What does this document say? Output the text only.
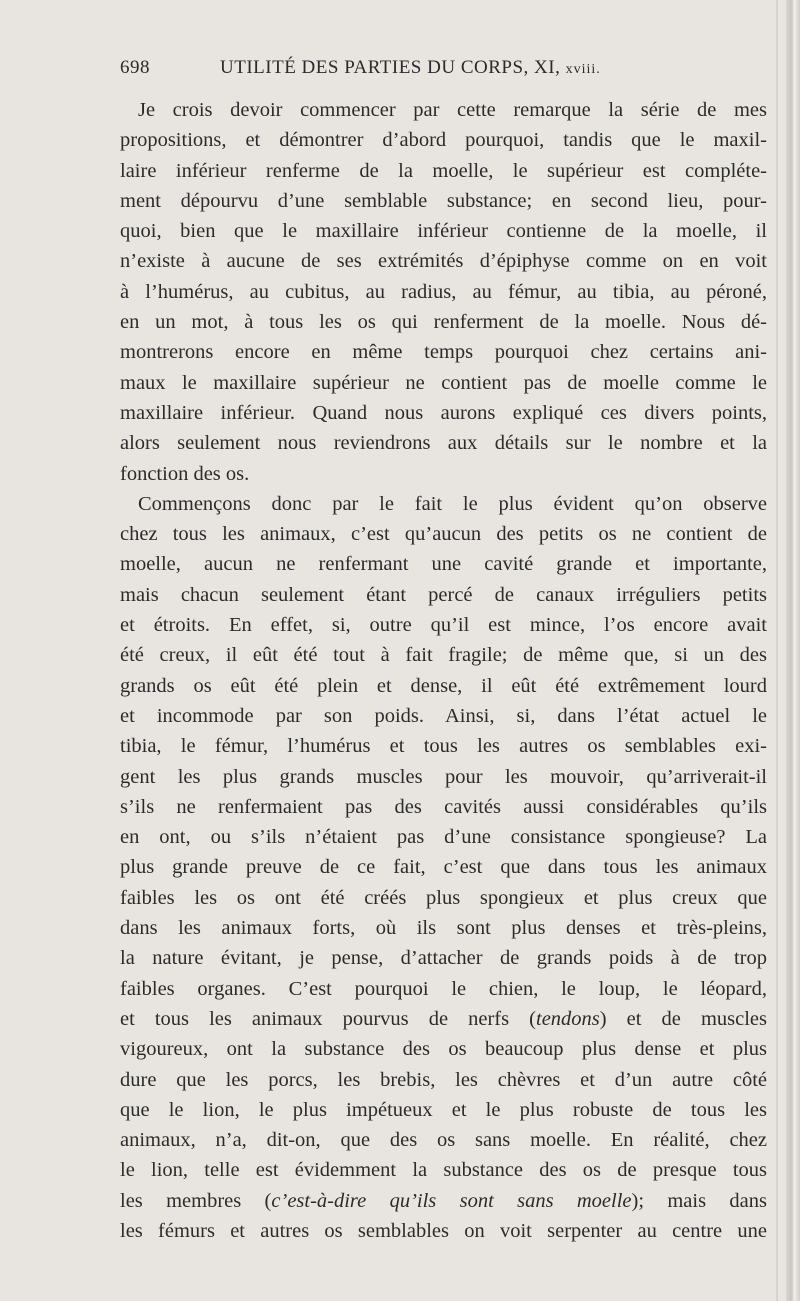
698	UTILITÉ DES PARTIES DU CORPS, XI, xviii.
Je crois devoir commencer par cette remarque la série de mes
propositions, et démontrer d’abord pourquoi, tandis que le maxil-
laire inférieur renferme de la moelle, le supérieur est compléte-
ment dépourvu d’une semblable substance; en second lieu, pour-
quoi, bien que le maxillaire inférieur contienne de la moelle, il
n’existe à aucune de ses extrémités d’épiphyse comme on en voit
à l’humérus, au cubitus, au radius, au fémur, au tibia, au péroné,
en un mot, à tous les os qui renferment de la moelle. Nous dé-
montrerons encore en même temps pourquoi chez certains ani-
maux le maxillaire supérieur ne contient pas de moelle comme le
maxillaire inférieur. Quand nous aurons expliqué ces divers points,
alors seulement nous reviendrons aux détails sur le nombre et la
fonction des os.
Commençons donc par le fait le plus évident qu’on observe
chez tous les animaux, c’est qu’aucun des petits os ne contient de
moelle, aucun ne renfermant une cavité grande et importante,
mais chacun seulement étant percé de canaux irréguliers petits
et étroits. En effet, si, outre qu’il est mince, l’os encore avait
été creux, il eût été tout à fait fragile; de même que, si un des
grands os eût été plein et dense, il eût été extrêmement lourd
et incommode par son poids. Ainsi, si, dans l’état actuel le
tibia, le fémur, l’humérus et tous les autres os semblables exi-
gent les plus grands muscles pour les mouvoir, qu’arriverait-il
s’ils ne renfermaient pas des cavités aussi considérables qu’ils
en ont, ou s’ils n’étaient pas d’une consistance spongieuse? La
plus grande preuve de ce fait, c’est que dans tous les animaux
faibles les os ont été créés plus spongieux et plus creux que
dans les animaux forts, où ils sont plus denses et très-pleins,
la nature évitant, je pense, d’attacher de grands poids à de trop
faibles organes. C’est pourquoi le chien, le loup, le léopard,
et tous les animaux pourvus de nerfs (tendons) et de muscles
vigoureux, ont la substance des os beaucoup plus dense et plus
dure que les porcs, les brebis, les chèvres et d’un autre côté
que le lion, le plus impétueux et le plus robuste de tous les
animaux, n’a, dit-on, que des os sans moelle. En réalité, chez
le lion, telle est évidemment la substance des os de presque tous
les membres (c’est-à-dire qu’ils sont sans moelle); mais dans
les fémurs et autres os semblables on voit serpenter au centre une
